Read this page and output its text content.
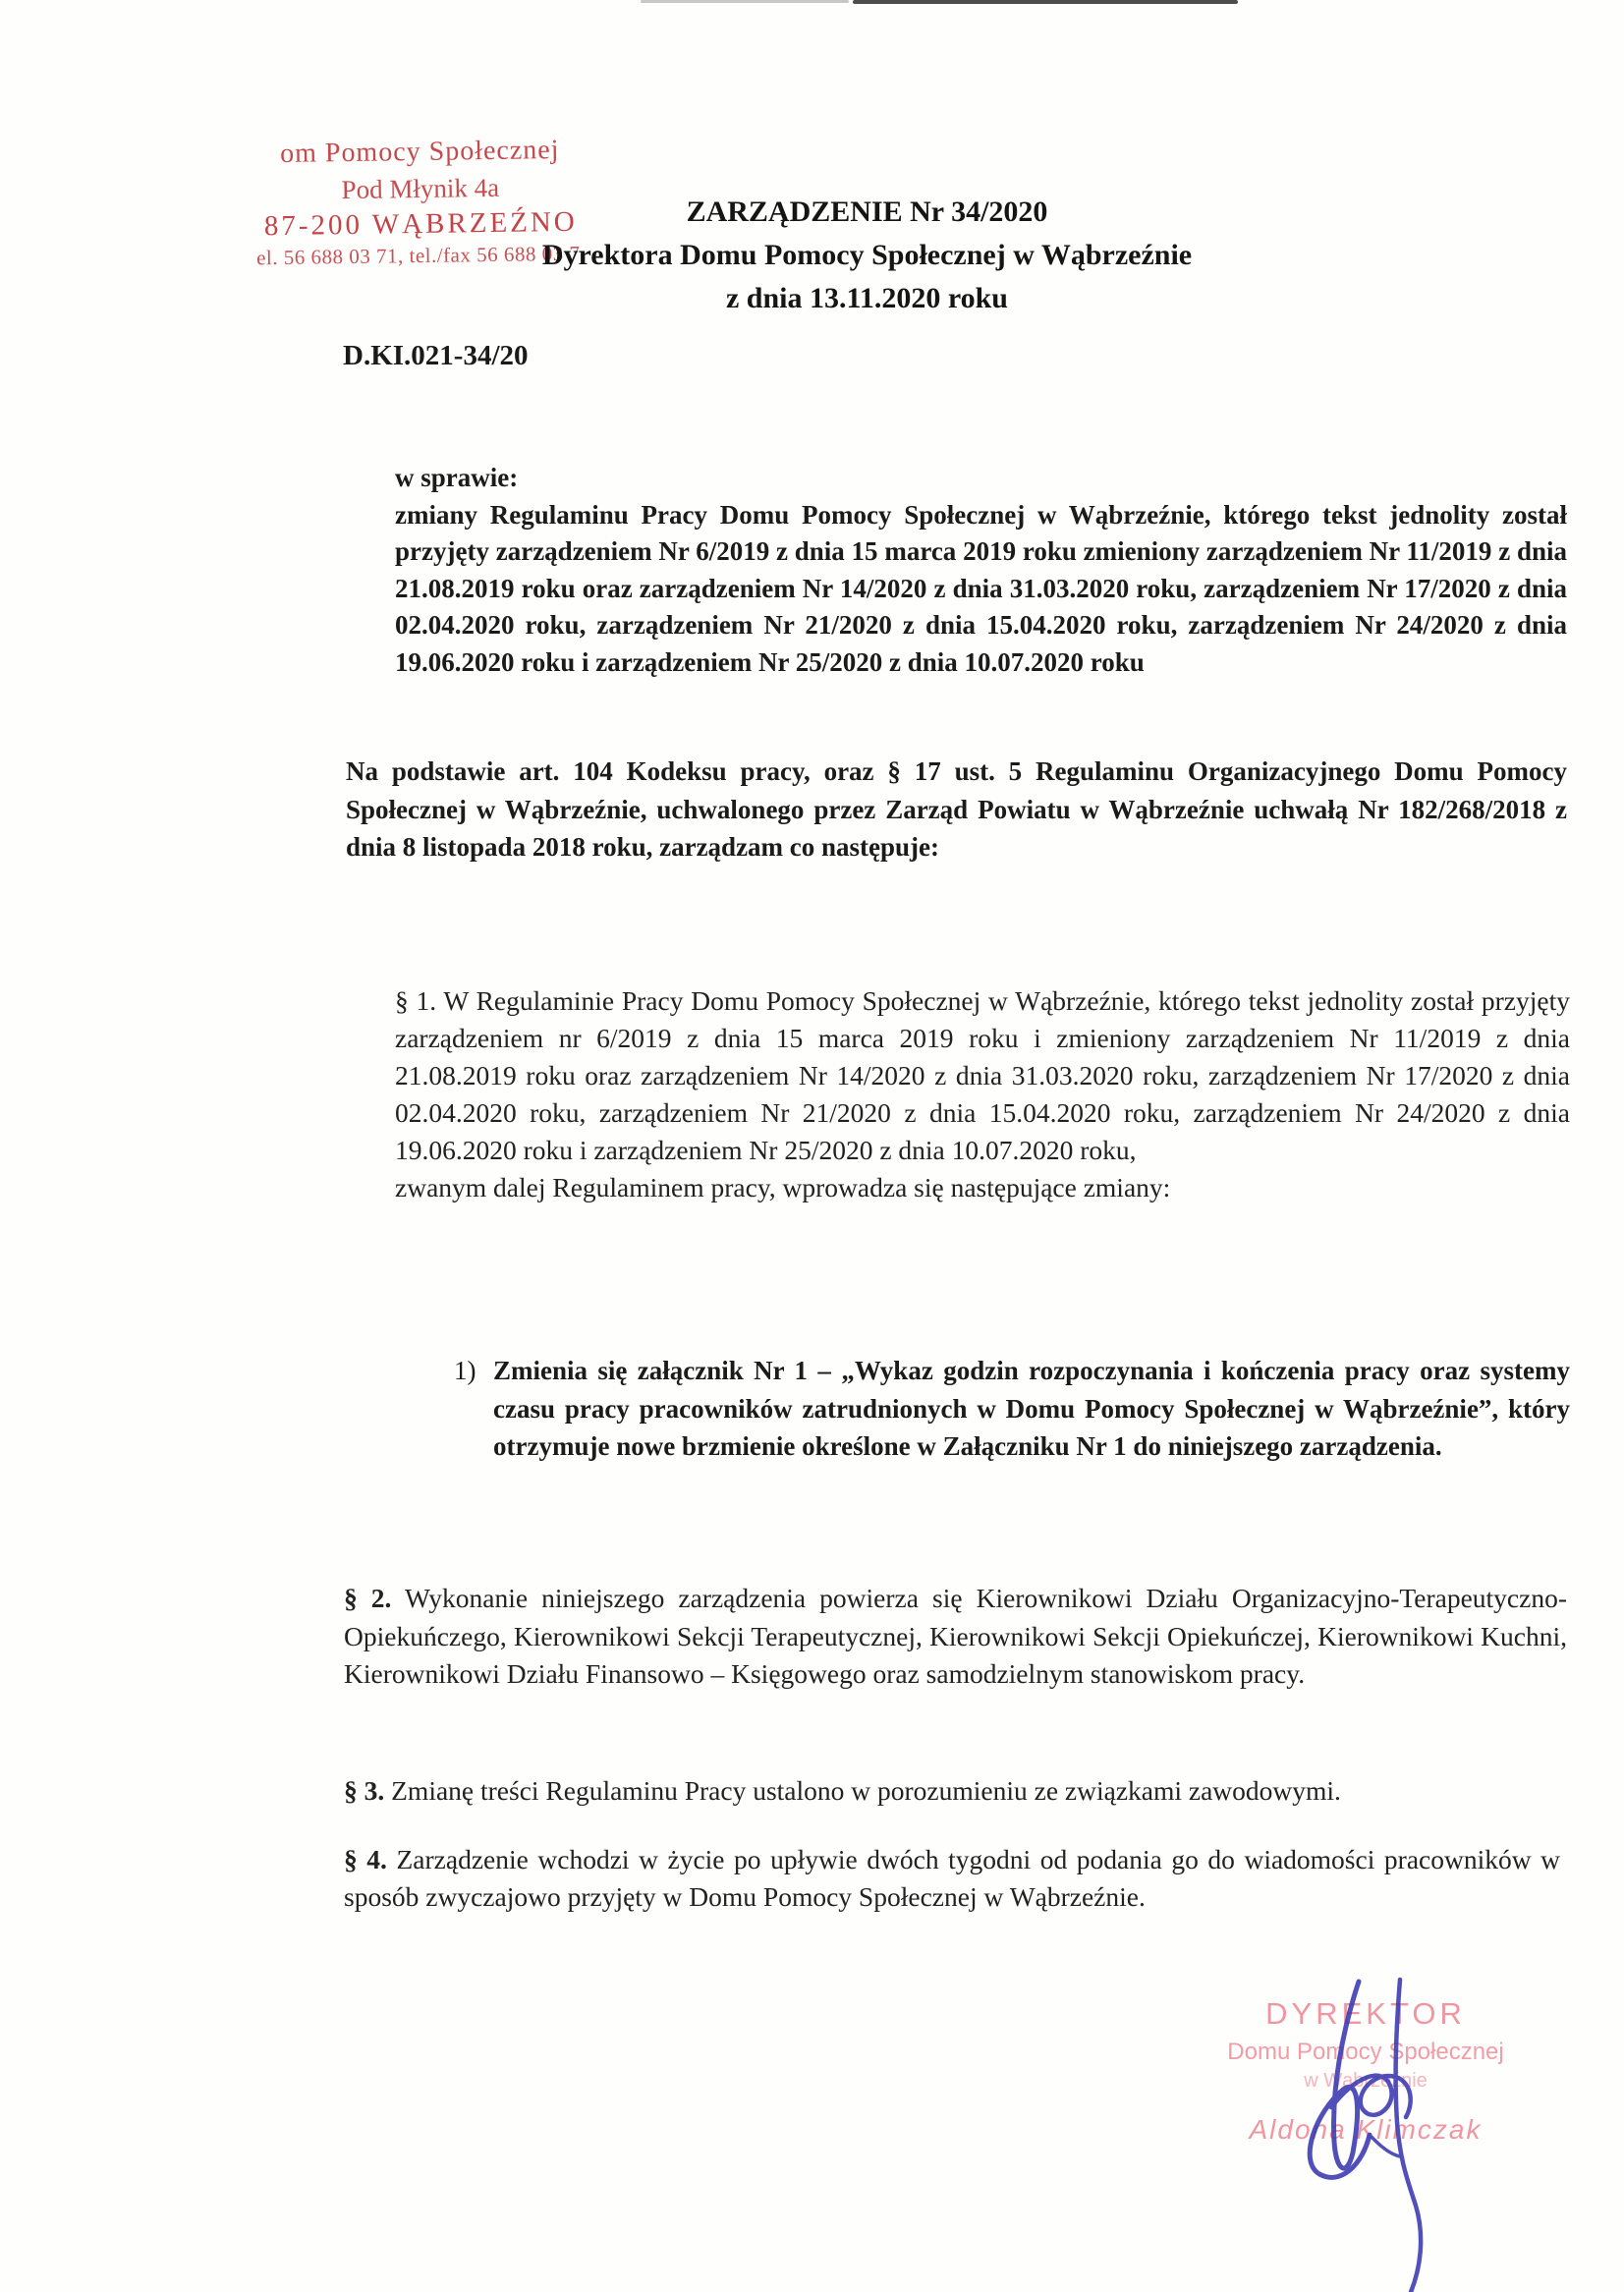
om Pomocy Społecznej
Pod Młynik 4a
87-200 WĄBRZEŹNO
el. 56 688 03 71, tel./fax 56 688 03 7
ZARZĄDZENIE Nr 34/2020
Dyrektora Domu Pomocy Społecznej w Wąbrzeźnie
z dnia 13.11.2020 roku
D.KI.021-34/20
w sprawie:
zmiany Regulaminu Pracy Domu Pomocy Społecznej w Wąbrzeźnie, którego tekst jednolity został przyjęty zarządzeniem Nr 6/2019 z dnia 15 marca 2019 roku zmieniony zarządzeniem Nr 11/2019 z dnia 21.08.2019 roku oraz zarządzeniem Nr 14/2020 z dnia 31.03.2020 roku, zarządzeniem Nr 17/2020 z dnia 02.04.2020 roku, zarządzeniem Nr 21/2020 z dnia 15.04.2020 roku, zarządzeniem Nr 24/2020 z dnia 19.06.2020 roku i zarządzeniem Nr 25/2020 z dnia 10.07.2020 roku
Na podstawie art. 104 Kodeksu pracy, oraz § 17 ust. 5 Regulaminu Organizacyjnego Domu Pomocy Społecznej w Wąbrzeźnie, uchwalonego przez Zarząd Powiatu w Wąbrzeźnie uchwałą Nr 182/268/2018 z dnia 8 listopada 2018 roku, zarządzam co następuje:
§ 1. W Regulaminie Pracy Domu Pomocy Społecznej w Wąbrzeźnie, którego tekst jednolity został przyjęty zarządzeniem nr 6/2019 z dnia 15 marca 2019 roku i zmieniony zarządzeniem Nr 11/2019 z dnia 21.08.2019 roku oraz zarządzeniem Nr 14/2020 z dnia 31.03.2020 roku, zarządzeniem Nr 17/2020 z dnia 02.04.2020 roku, zarządzeniem Nr 21/2020 z dnia 15.04.2020 roku, zarządzeniem Nr 24/2020 z dnia 19.06.2020 roku i zarządzeniem Nr 25/2020 z dnia 10.07.2020 roku,
zwanym dalej Regulaminem pracy, wprowadza się następujące zmiany:
1) Zmienia się załącznik Nr 1 – „Wykaz godzin rozpoczynania i kończenia pracy oraz systemy czasu pracy pracowników zatrudnionych w Domu Pomocy Społecznej w Wąbrzeźnie”, który otrzymuje nowe brzmienie określone w Załączniku Nr 1 do niniejszego zarządzenia.
§ 2. Wykonanie niniejszego zarządzenia powierza się Kierownikowi Działu Organizacyjno-Terapeutyczno-Opiekuńczego, Kierownikowi Sekcji Terapeutycznej, Kierownikowi Sekcji Opiekuńczej, Kierownikowi Kuchni, Kierownikowi Działu Finansowo – Księgowego oraz samodzielnym stanowiskom pracy.
§ 3. Zmianę treści Regulaminu Pracy ustalono w porozumieniu ze związkami zawodowymi.
§ 4. Zarządzenie wchodzi w życie po upływie dwóch tygodni od podania go do wiadomości pracowników w sposób zwyczajowo przyjęty w Domu Pomocy Społecznej w Wąbrzeźnie.
DYREKTOR
Domu Pomocy Społecznej
w Wąbrzeźnie
Aldona Klimczak
